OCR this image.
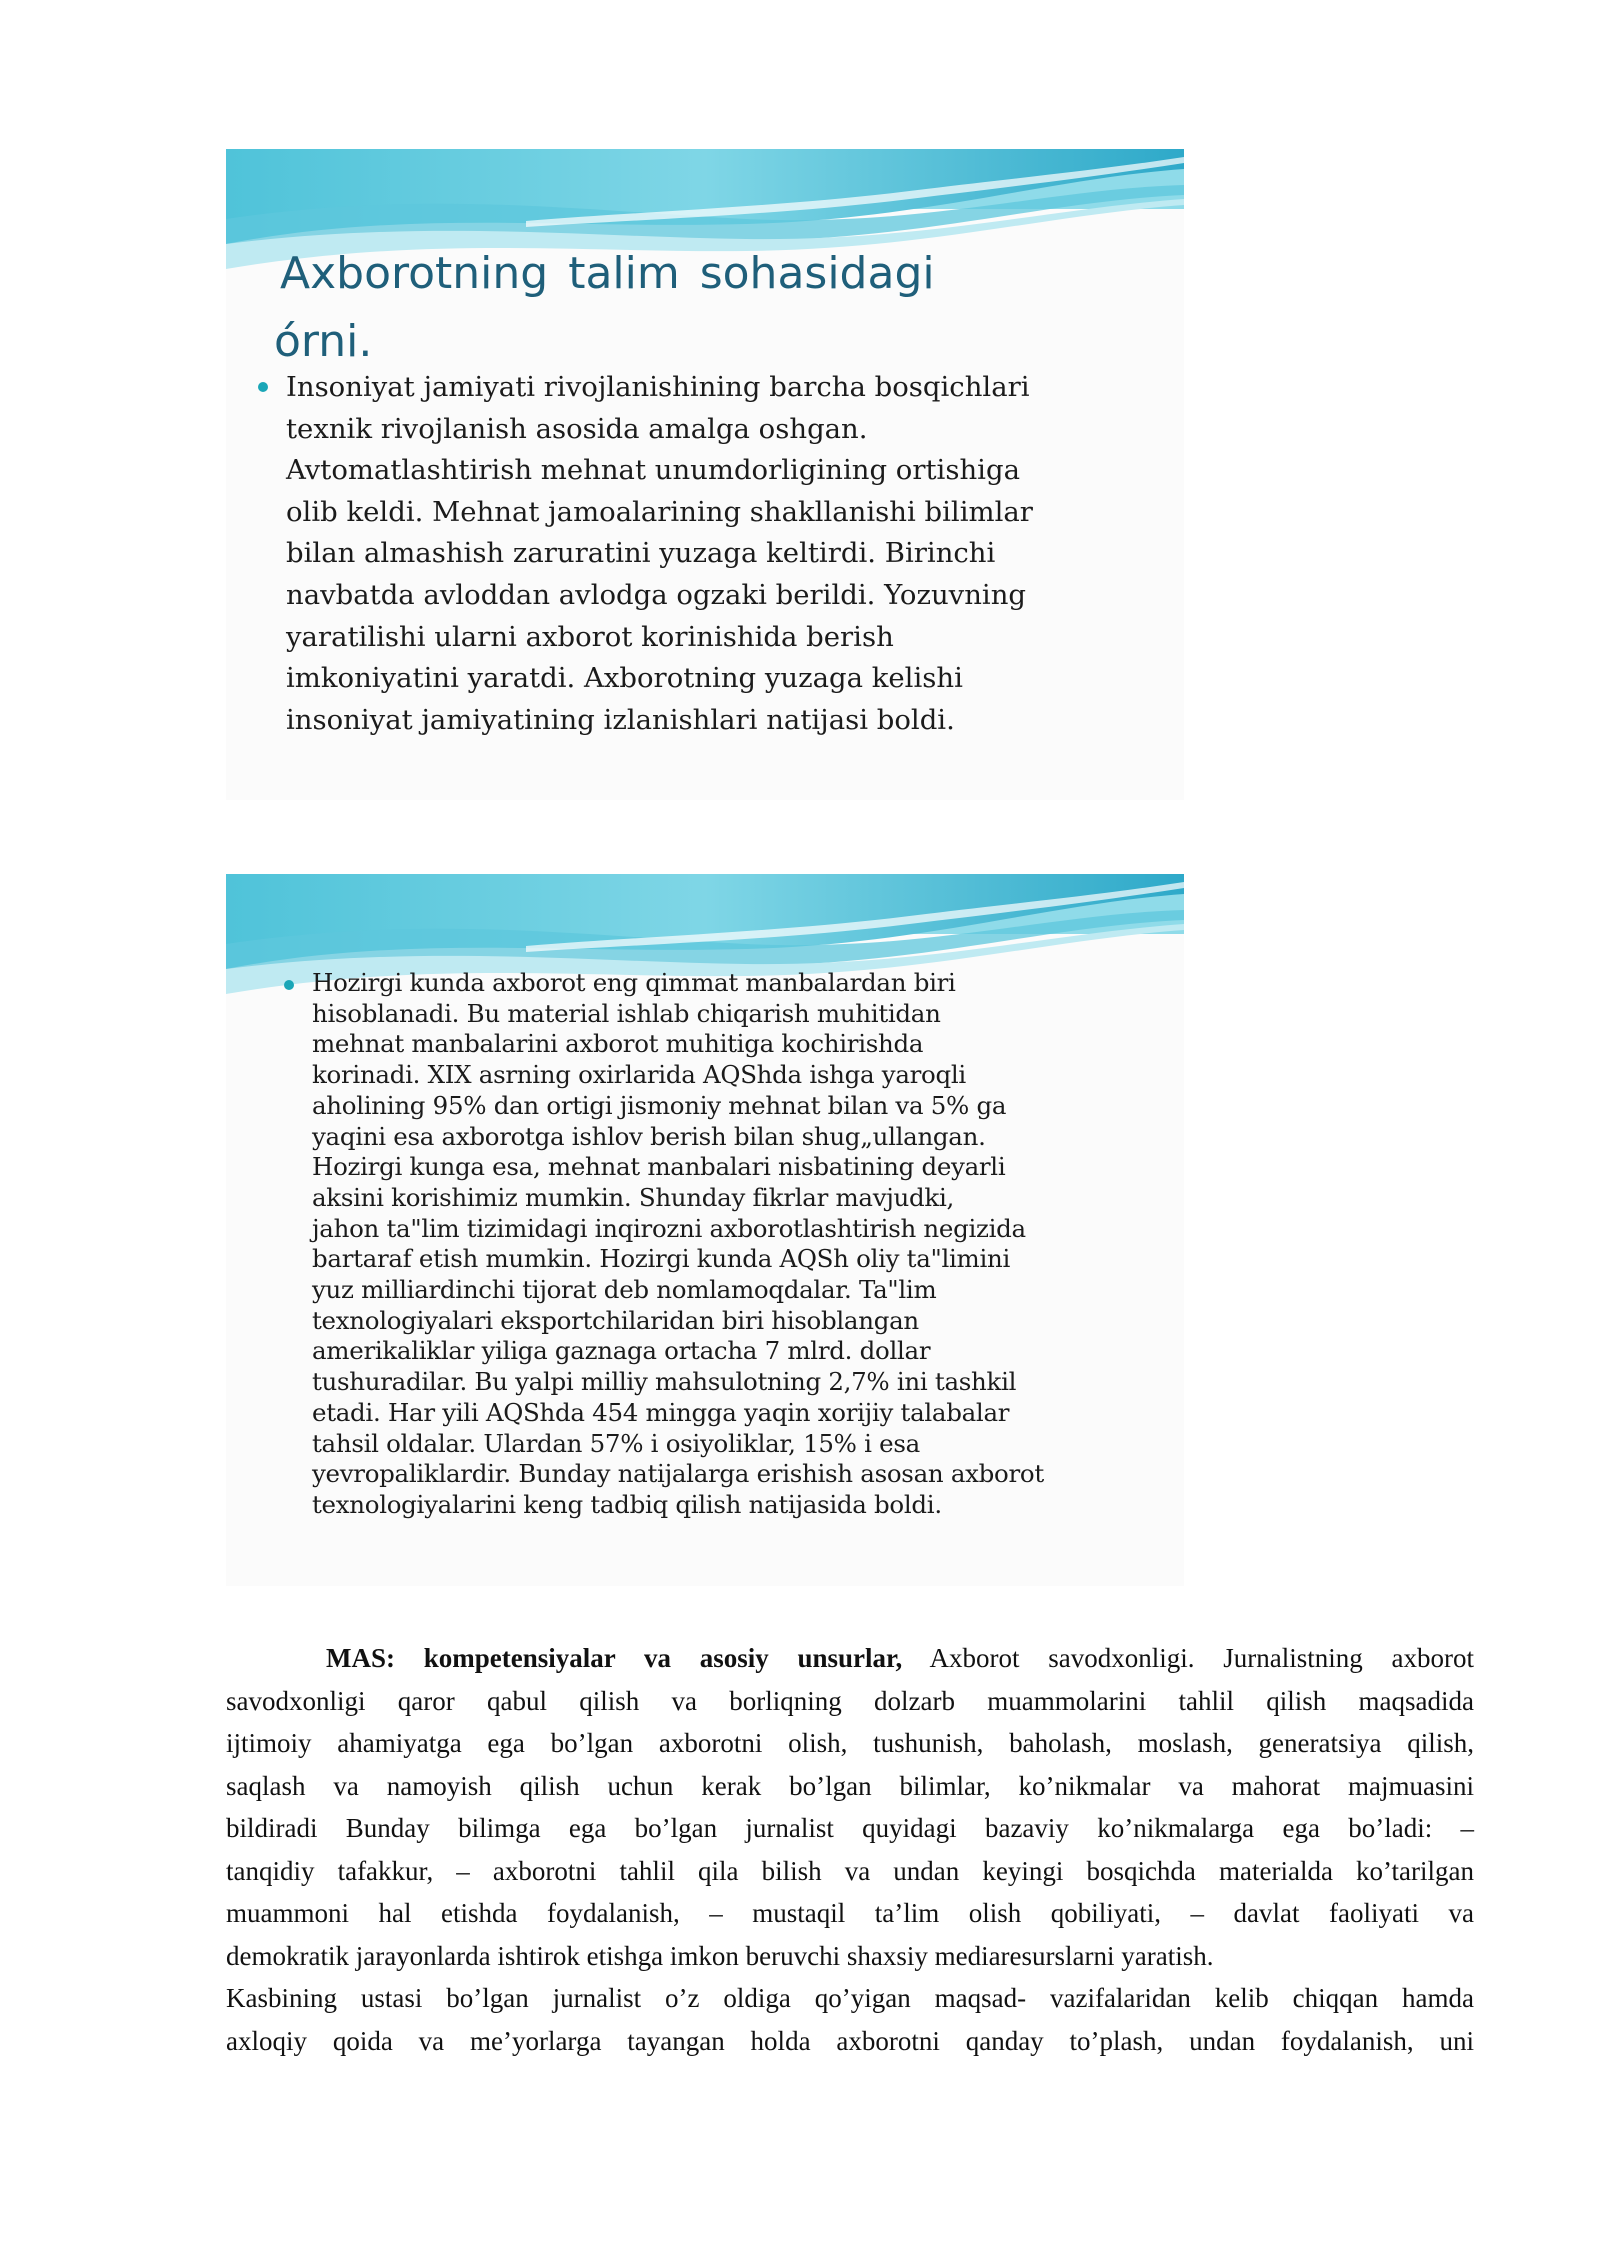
Axborotning talim sohasidagi
órni.

Insoniyat jamiyati rivojlanishining barcha bosqichlari
texnik rivojlanish asosida amalga oshgan.
Avtomatlashtirish mehnat unumdorligining ortishiga
olib keldi. Mehnat jamoalarining shakllanishi bilimlar
bilan almashish zaruratini yuzaga keltirdi. Birinchi
navbatda avloddan avlodga ogzaki berildi. Yozuvning
yaratilishi ularni axborot korinishida berish
imkoniyatini yaratdi. Axborotning yuzaga kelishi
insoniyat jamiyatining izlanishlari natijasi boldi.

Hozirgi kunda axborot eng qimmat manbalardan biri
hisoblanadi. Bu material ishlab chiqarish muhitidan
mehnat manbalarini axborot muhitiga kochirishda
korinadi. XIX asrning oxirlarida AQShda ishga yaroqli
aholining 95% dan ortigi jismoniy mehnat bilan va 5% ga
yaqini esa axborotga ishlov berish bilan shug„ullangan.
Hozirgi kunga esa, mehnat manbalari nisbatining deyarli
aksini korishimiz mumkin. Shunday fikrlar mavjudki,
jahon ta"lim tizimidagi inqirozni axborotlashtirish negizida
bartaraf etish mumkin. Hozirgi kunda AQSh oliy ta"limini
yuz milliardinchi tijorat deb nomlamoqdalar. Ta"lim
texnologiyalari eksportchilaridan biri hisoblangan
amerikaliklar yiliga gaznaga ortacha 7 mlrd. dollar
tushuradilar. Bu yalpi milliy mahsulotning 2,7% ini tashkil
etadi. Har yili AQShda 454 mingga yaqin xorijiy talabalar
tahsil oldalar. Ulardan 57% i osiyoliklar, 15% i esa
yevropaliklardir. Bunday natijalarga erishish asosan axborot
texnologiyalarini keng tadbiq qilish natijasida boldi.

MAS: kompetensiyalar va asosiy unsurlar, Axborot savodxonligi. Jurnalistning axborot
savodxonligi qaror qabul qilish va borliqning dolzarb muammolarini tahlil qilish maqsadida
ijtimoiy ahamiyatga ega bo’lgan axborotni olish, tushunish, baholash, moslash, generatsiya qilish,
saqlash va namoyish qilish uchun kerak bo’lgan bilimlar, ko’nikmalar va mahorat majmuasini
bildiradi Bunday bilimga ega bo’lgan jurnalist quyidagi bazaviy ko’nikmalarga ega bo’ladi: –
tanqidiy tafakkur, – axborotni tahlil qila bilish va undan keyingi bosqichda materialda ko’tarilgan
muammoni hal etishda foydalanish, – mustaqil ta’lim olish qobiliyati, – davlat faoliyati va
demokratik jarayonlarda ishtirok etishga imkon beruvchi shaxsiy mediaresurslarni yaratish.
Kasbining ustasi bo’lgan jurnalist o’z oldiga qo’yigan maqsad- vazifalaridan kelib chiqqan hamda
axloqiy qoida va me’yorlarga tayangan holda axborotni qanday to’plash, undan foydalanish, uni
